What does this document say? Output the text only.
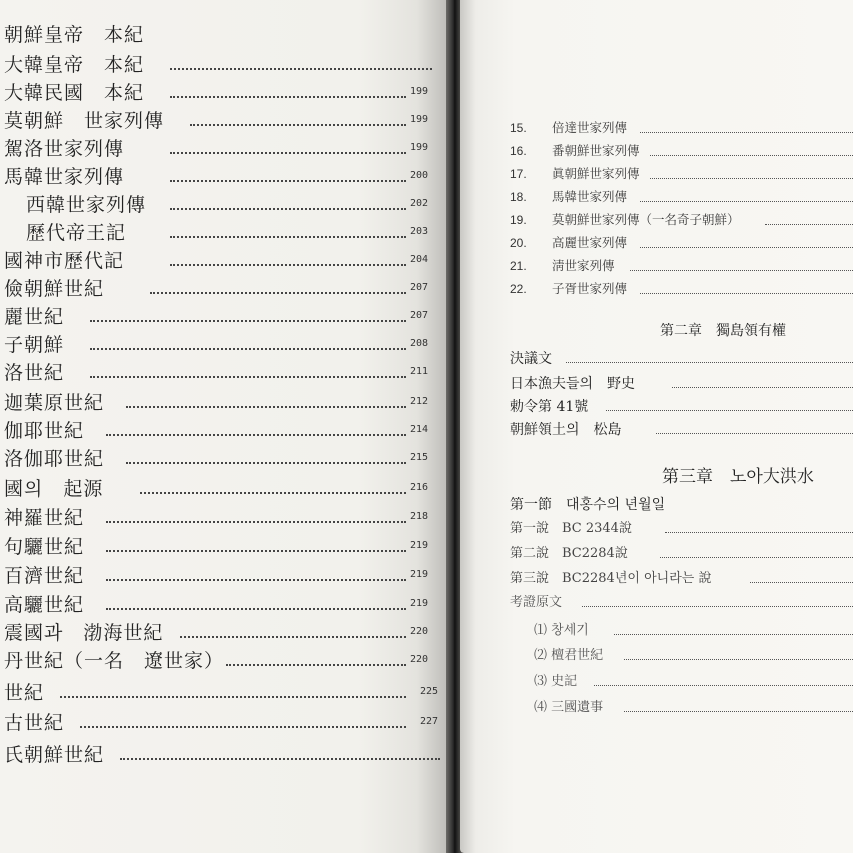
朝鮮皇帝　本紀
大韓皇帝　本紀
大韓民國　本紀	199
莫朝鮮　世家列傳	199
駕洛世家列傳	199
馬韓世家列傳	200
西韓世家列傳	202
歷代帝王記	203
國神市歷代記	204
儉朝鮮世紀	207
麗世紀	207
子朝鮮	208
洛世紀	211
迦葉原世紀	212
伽耶世紀	214
洛伽耶世紀	215
國의　起源	216
神羅世紀	218
句驪世紀	219
百濟世紀	219
高驪世紀	219
震國과　渤海世紀	220
丹世紀（一名　遼世家）	220
世紀	225
古世紀	227
氏朝鮮世紀
15. 倍達世家列傳
16. 番朝鮮世家列傳
17. 眞朝鮮世家列傳
18. 馬韓世家列傳
19. 莫朝鮮世家列傳（一名奇子朝鮮）
20. 高麗世家列傳
21. 淸世家列傳
22. 子胥世家列傳
第二章　獨島領有權
決議文
日本漁夫들의　野史
勅令第 41號
朝鮮領土의　松島
第三章　노아大洪水
第一節　대홍수의 년월일
第一說　BC 2344說
第二說　BC2284說
第三說　BC2284년이 아니라는 說
考證原文
⑴ 창세기
⑵ 檀君世紀
⑶ 史記
⑷ 三國遺事
